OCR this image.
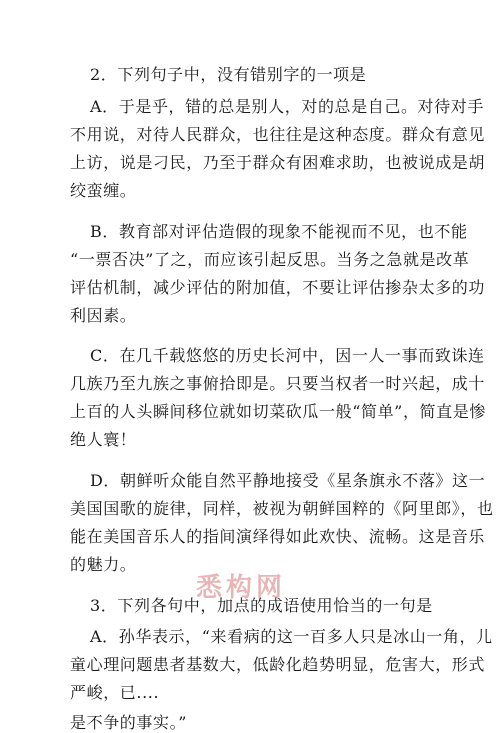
2．下列句子中，没有错别字的一项是
A．于是乎，错的总是别人，对的总是自己。对待对手
不用说，对待人民群众，也往往是这种态度。群众有意见
上访，说是刁民，乃至于群众有困难求助，也被说成是胡
绞蛮缠。
B．教育部对评估造假的现象不能视而不见，也不能
“一票否决”了之，而应该引起反思。当务之急就是改革
评估机制，减少评估的附加值，不要让评估掺杂太多的功
利因素。
C．在几千载悠悠的历史长河中，因一人一事而致诛连
几族乃至九族之事俯拾即是。只要当权者一时兴起，成十
上百的人头瞬间移位就如切菜砍瓜一般“简单”，简直是惨
绝人寰！
D．朝鲜听众能自然平静地接受《星条旗永不落》这一
美国国歌的旋律，同样，被视为朝鲜国粹的《阿里郎》，也
能在美国音乐人的指间演绎得如此欢快、流畅。这是音乐
的魅力。
3．下列各句中，加点的成语使用恰当的一句是
A．孙华表示，“来看病的这一百多人只是冰山一角，儿
童心理问题患者基数大，低龄化趋势明显，危害大，形式
严峻，已....
是不争的事实。”
悉构网
